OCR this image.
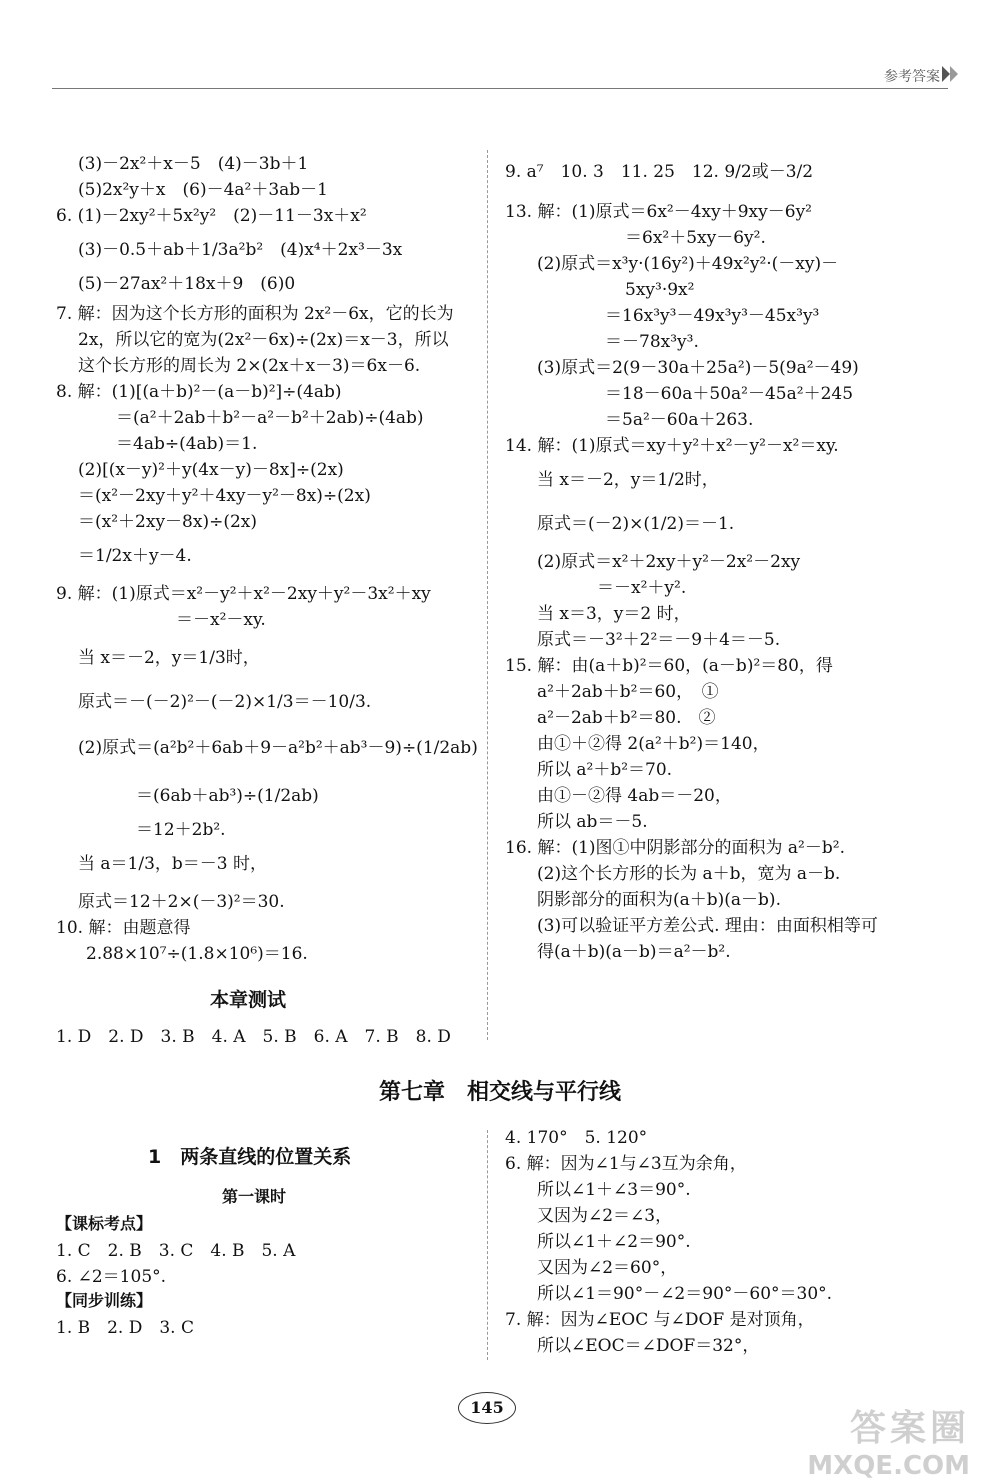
参考答案
(3)－2x²＋x－5　(4)－3b＋1
(5)2x²y＋x　(6)－4a²＋3ab－1
6. (1)－2xy²＋5x²y²　(2)－11－3x＋x²
(3)－0.5＋ab＋1/3a²b²　(4)x⁴＋2x³－3x
(5)－27ax²＋18x＋9　(6)0
7. 解：因为这个长方形的面积为 2x²－6x，它的长为
2x，所以它的宽为(2x²－6x)÷(2x)＝x－3，所以
这个长方形的周长为 2×(2x＋x－3)＝6x－6.
8. 解：(1)[(a＋b)²－(a－b)²]÷(4ab)
＝(a²＋2ab＋b²－a²－b²＋2ab)÷(4ab)
＝4ab÷(4ab)＝1.
(2)[(x－y)²＋y(4x－y)－8x]÷(2x)
＝(x²－2xy＋y²＋4xy－y²－8x)÷(2x)
＝(x²＋2xy－8x)÷(2x)
＝1/2x＋y－4.
9. 解：(1)原式＝x²－y²＋x²－2xy＋y²－3x²＋xy
＝－x²－xy.
当 x＝－2，y＝1/3时，
原式＝－(－2)²－(－2)×1/3＝－10/3.
(2)原式＝(a²b²＋6ab＋9－a²b²＋ab³－9)÷(1/2ab)
＝(6ab＋ab³)÷(1/2ab)
＝12＋2b².
当 a＝1/3，b＝－3 时，
原式＝12＋2×(－3)²＝30.
10. 解：由题意得
2.88×10⁷÷(1.8×10⁶)＝16.
本章测试
1. D　2. D　3. B　4. A　5. B　6. A　7. B　8. D
9. a⁷　10. 3　11. 25　12. 9/2或－3/2
13. 解：(1)原式＝6x²－4xy＋9xy－6y²
＝6x²＋5xy－6y².
(2)原式＝x³y·(16y²)＋49x²y²·(－xy)－
5xy³·9x²
＝16x³y³－49x³y³－45x³y³
＝－78x³y³.
(3)原式＝2(9－30a＋25a²)－5(9a²－49)
＝18－60a＋50a²－45a²＋245
＝5a²－60a＋263.
14. 解：(1)原式＝xy＋y²＋x²－y²－x²＝xy.
当 x＝－2，y＝1/2时，
原式＝(－2)×(1/2)＝－1.
(2)原式＝x²＋2xy＋y²－2x²－2xy
＝－x²＋y².
当 x＝3，y＝2 时，
原式＝－3²＋2²＝－9＋4＝－5.
15. 解：由(a＋b)²＝60，(a－b)²＝80，得
a²＋2ab＋b²＝60，　①
a²－2ab＋b²＝80.　②
由①＋②得 2(a²＋b²)＝140，
所以 a²＋b²＝70.
由①－②得 4ab＝－20，
所以 ab＝－5.
16. 解：(1)图①中阴影部分的面积为 a²－b².
(2)这个长方形的长为 a＋b，宽为 a－b.
阴影部分的面积为(a＋b)(a－b).
(3)可以验证平方差公式. 理由：由面积相等可
得(a＋b)(a－b)＝a²－b².
第七章　相交线与平行线
1　两条直线的位置关系
第一课时
【课标考点】
1. C　2. B　3. C　4. B　5. A
6. ∠2＝105°.
【同步训练】
1. B　2. D　3. C
4. 170°　5. 120°
6. 解：因为∠1与∠3互为余角，
所以∠1＋∠3＝90°.
又因为∠2＝∠3，
所以∠1＋∠2＝90°.
又因为∠2＝60°，
所以∠1＝90°－∠2＝90°－60°＝30°.
7. 解：因为∠EOC 与∠DOF 是对顶角，
所以∠EOC＝∠DOF＝32°，
145
答案圈
MXQE.COM
